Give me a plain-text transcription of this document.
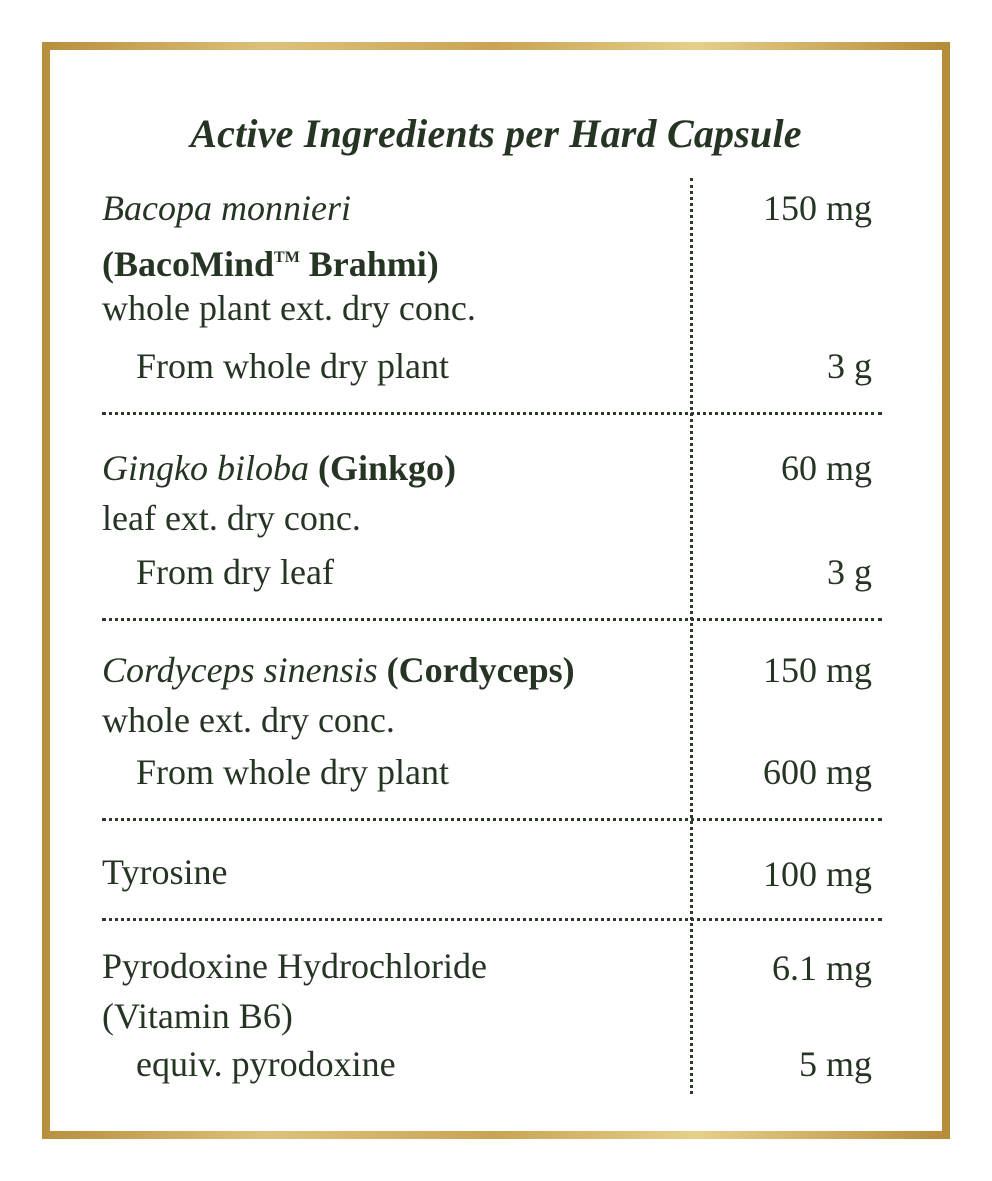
Active Ingredients per Hard Capsule
Bacopa monnieri	150 mg
(BacoMind™ Brahmi)
whole plant ext. dry conc.
From whole dry plant	3 g
Gingko biloba (Ginkgo)	60 mg
leaf ext. dry conc.
From dry leaf	3 g
Cordyceps sinensis (Cordyceps)	150 mg
whole ext. dry conc.
From whole dry plant	600 mg
Tyrosine	100 mg
Pyrodoxine Hydrochloride	6.1 mg
(Vitamin B6)
equiv. pyrodoxine	5 mg
